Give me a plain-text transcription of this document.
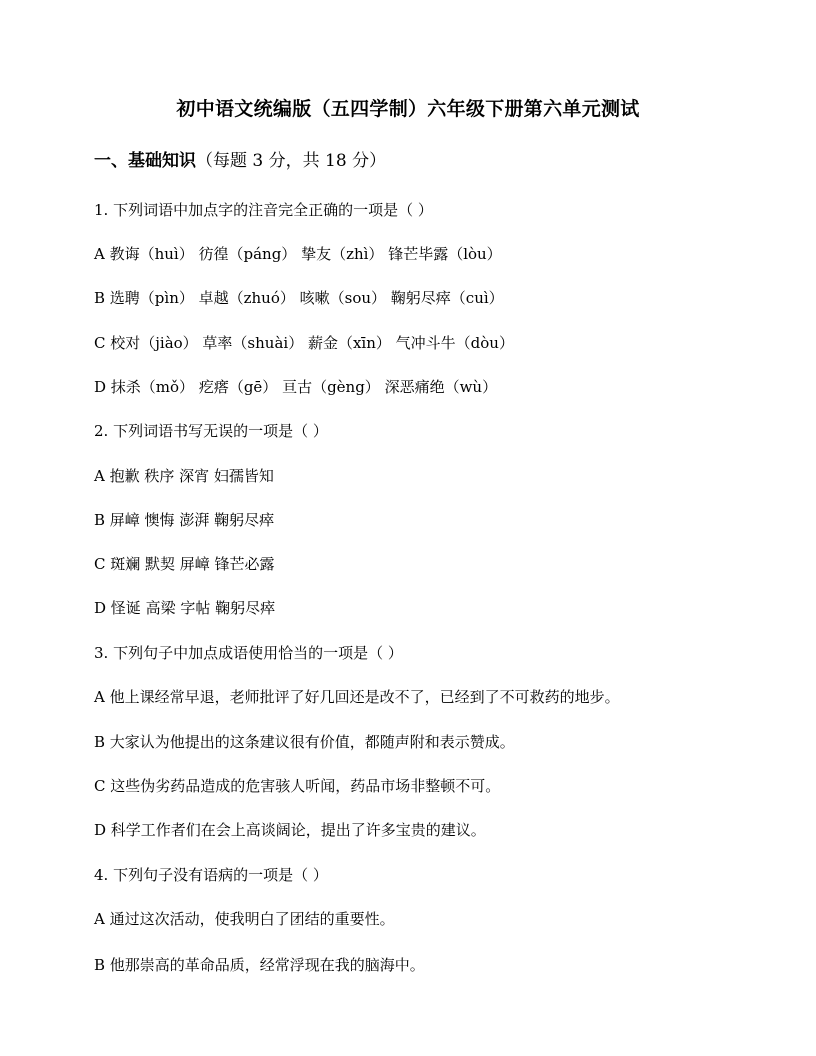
初中语文统编版（五四学制）六年级下册第六单元测试
一、基础知识（每题 3 分，共 18 分）
1. 下列词语中加点字的注音完全正确的一项是（ ）
A 教诲（huì） 彷徨（páng） 挚友（zhì） 锋芒毕露（lòu）
B 选聘（pìn） 卓越（zhuó） 咳嗽（sou） 鞠躬尽瘁（cuì）
C 校对（jiào） 草率（shuài） 薪金（xīn） 气冲斗牛（dòu）
D 抹杀（mǒ） 疙瘩（gē） 亘古（gèng） 深恶痛绝（wù）
2. 下列词语书写无误的一项是（ ）
A 抱歉 秩序 深宵 妇孺皆知
B 屏嶂 懊悔 澎湃 鞠躬尽瘁
C 斑斓 默契 屏嶂 锋芒必露
D 怪诞 高梁 字帖 鞠躬尽瘁
3. 下列句子中加点成语使用恰当的一项是（ ）
A 他上课经常早退，老师批评了好几回还是改不了，已经到了不可救药的地步。
B 大家认为他提出的这条建议很有价值，都随声附和表示赞成。
C 这些伪劣药品造成的危害骇人听闻，药品市场非整顿不可。
D 科学工作者们在会上高谈阔论，提出了许多宝贵的建议。
4. 下列句子没有语病的一项是（ ）
A 通过这次活动，使我明白了团结的重要性。
B 他那崇高的革命品质，经常浮现在我的脑海中。
